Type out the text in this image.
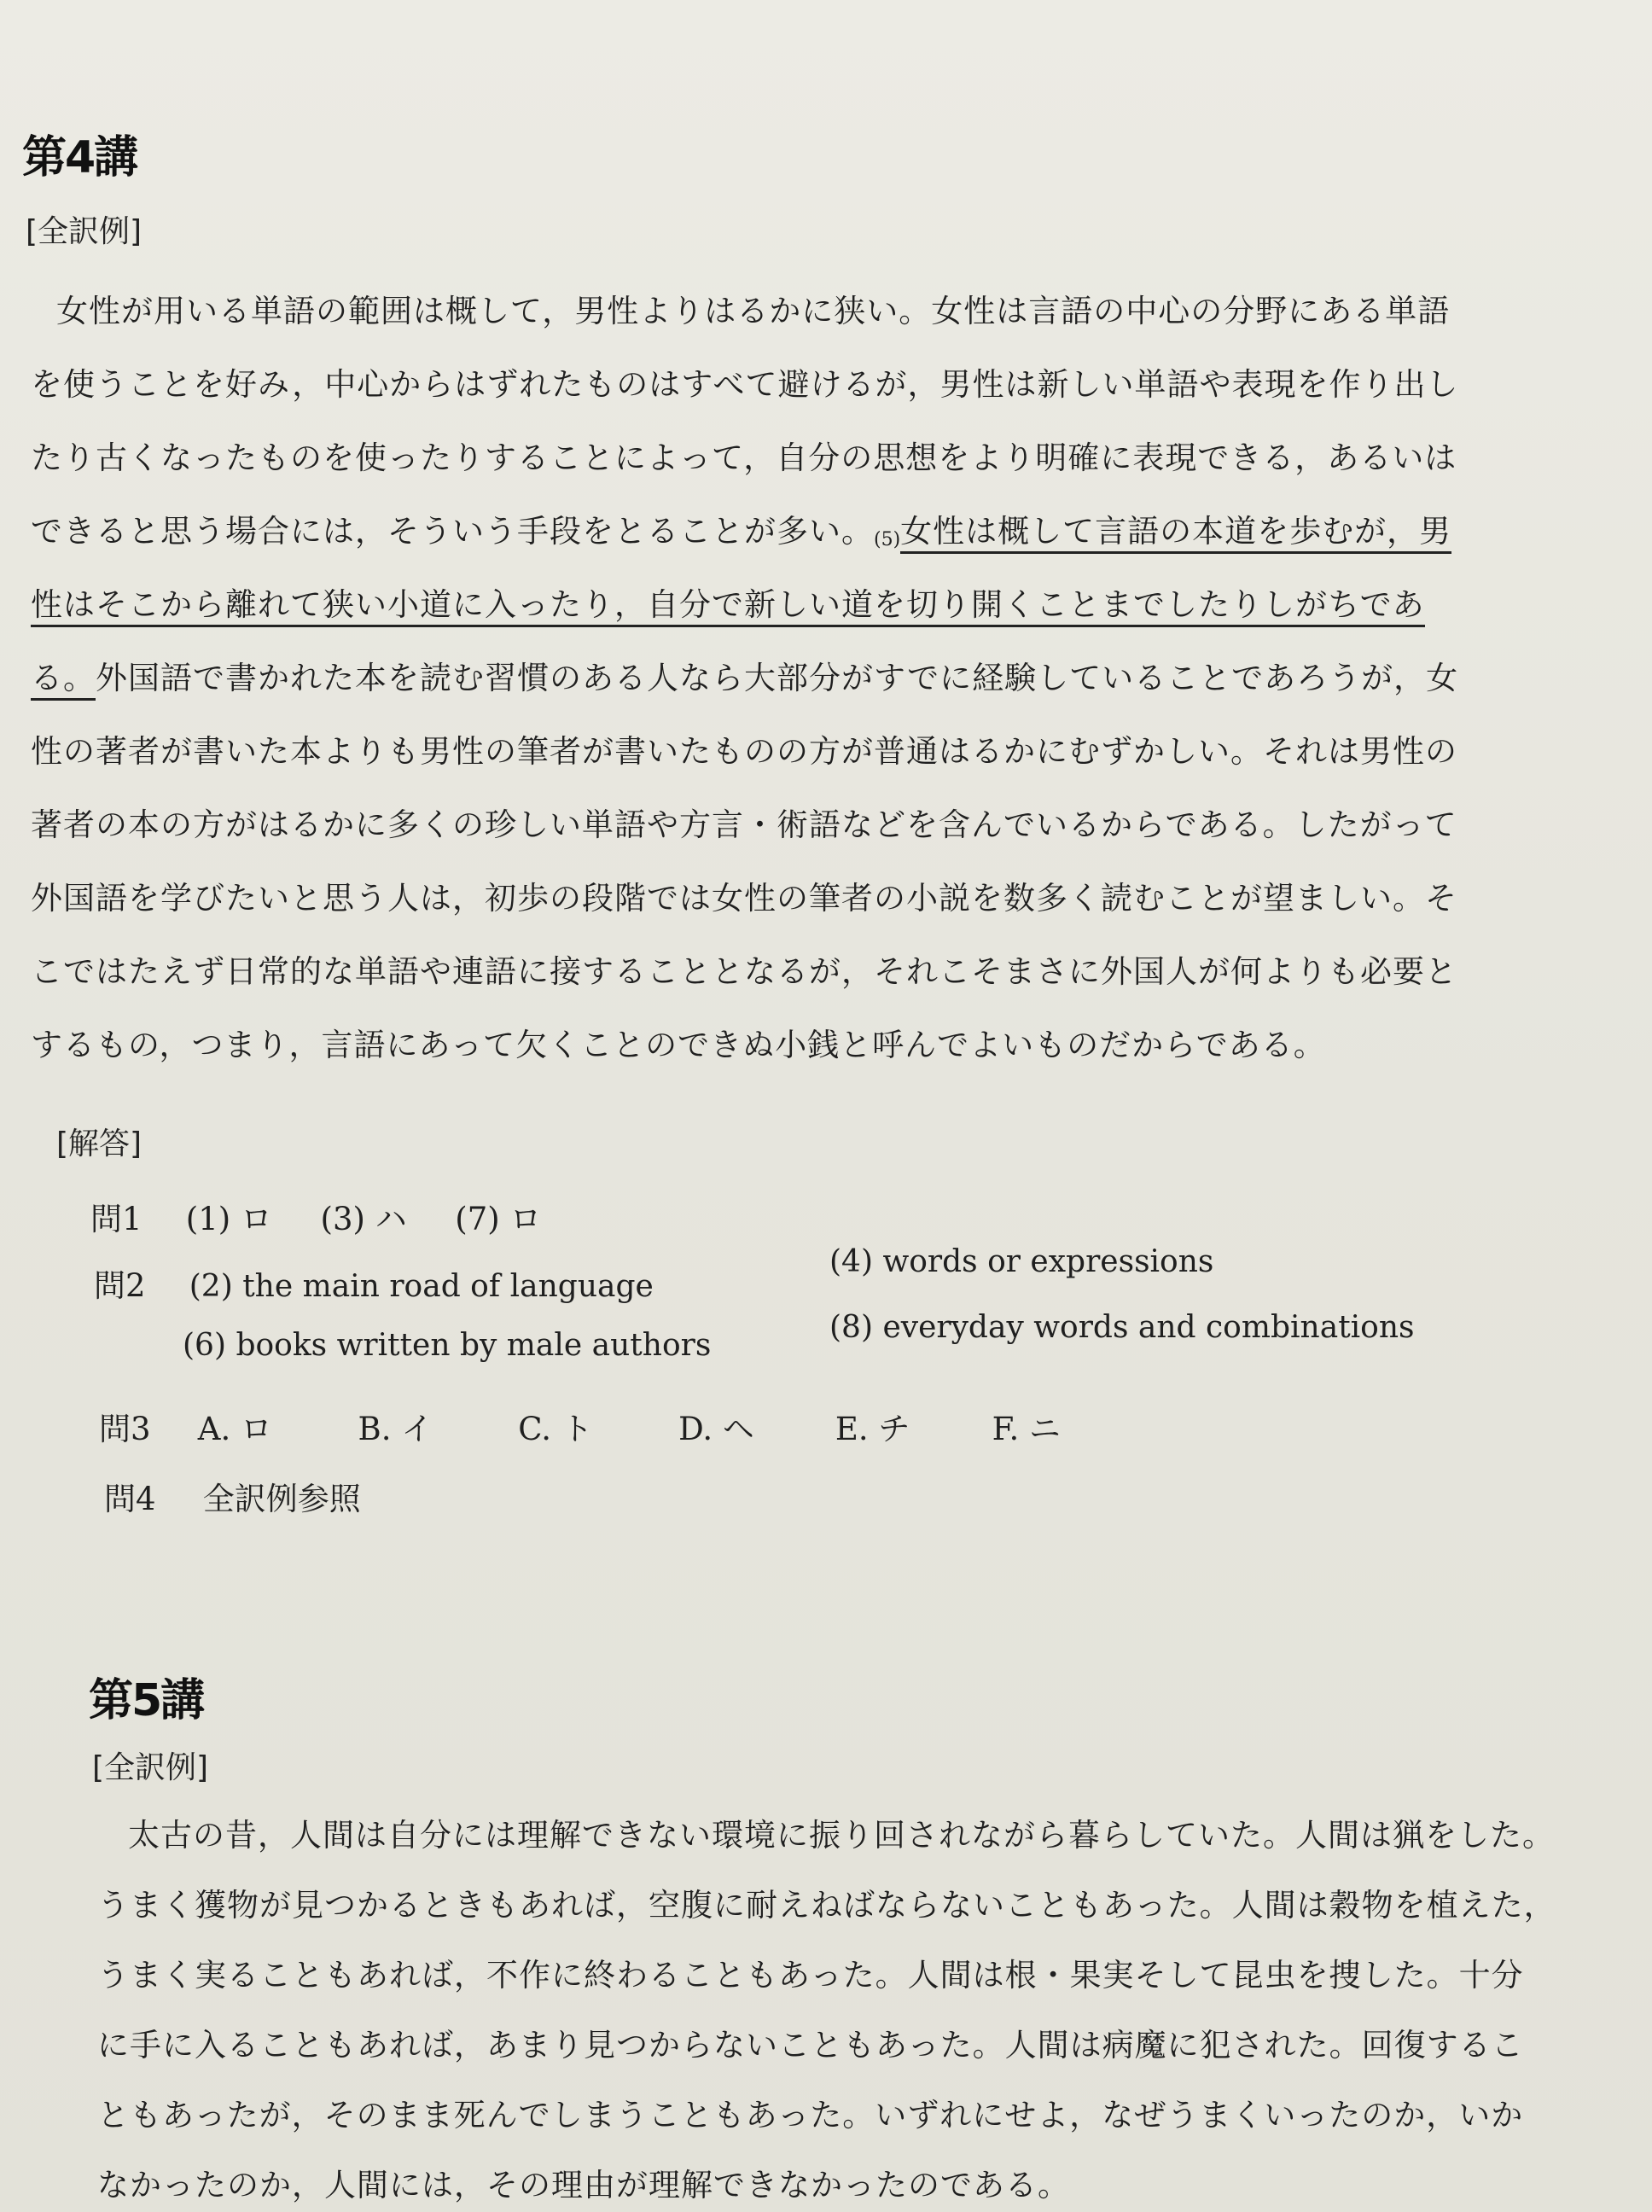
第4講
[全訳例]
女性が用いる単語の範囲は概して，男性よりはるかに狭い。女性は言語の中心の分野にある単語
を使うことを好み，中心からはずれたものはすべて避けるが，男性は新しい単語や表現を作り出し
たり古くなったものを使ったりすることによって，自分の思想をより明確に表現できる，あるいは
できると思う場合には，そういう手段をとることが多い。(5)女性は概して言語の本道を歩むが，男
性はそこから離れて狭い小道に入ったり，自分で新しい道を切り開くことまでしたりしがちであ
る。外国語で書かれた本を読む習慣のある人なら大部分がすでに経験していることであろうが，女
性の著者が書いた本よりも男性の筆者が書いたものの方が普通はるかにむずかしい。それは男性の
著者の本の方がはるかに多くの珍しい単語や方言・術語などを含んでいるからである。したがって
外国語を学びたいと思う人は，初歩の段階では女性の筆者の小説を数多く読むことが望ましい。そ
こではたえず日常的な単語や連語に接することとなるが，それこそまさに外国人が何よりも必要と
するもの，つまり，言語にあって欠くことのできぬ小銭と呼んでよいものだからである。
[解答]
問1 (1) ロ (3) ハ (7) ロ
問2 (2) the main road of language
(4) words or expressions
(6) books written by male authors
(8) everyday words and combinations
問3 A. ロ	B. イ	C. ト	D. ヘ	E. チ	F. ニ
問4 全訳例参照
第5講
[全訳例]
太古の昔，人間は自分には理解できない環境に振り回されながら暮らしていた。人間は猟をした。
うまく獲物が見つかるときもあれば，空腹に耐えねばならないこともあった。人間は穀物を植えた，
うまく実ることもあれば，不作に終わることもあった。人間は根・果実そして昆虫を捜した。十分
に手に入ることもあれば，あまり見つからないこともあった。人間は病魔に犯された。回復するこ
ともあったが，そのまま死んでしまうこともあった。いずれにせよ，なぜうまくいったのか，いか
なかったのか，人間には，その理由が理解できなかったのである。
